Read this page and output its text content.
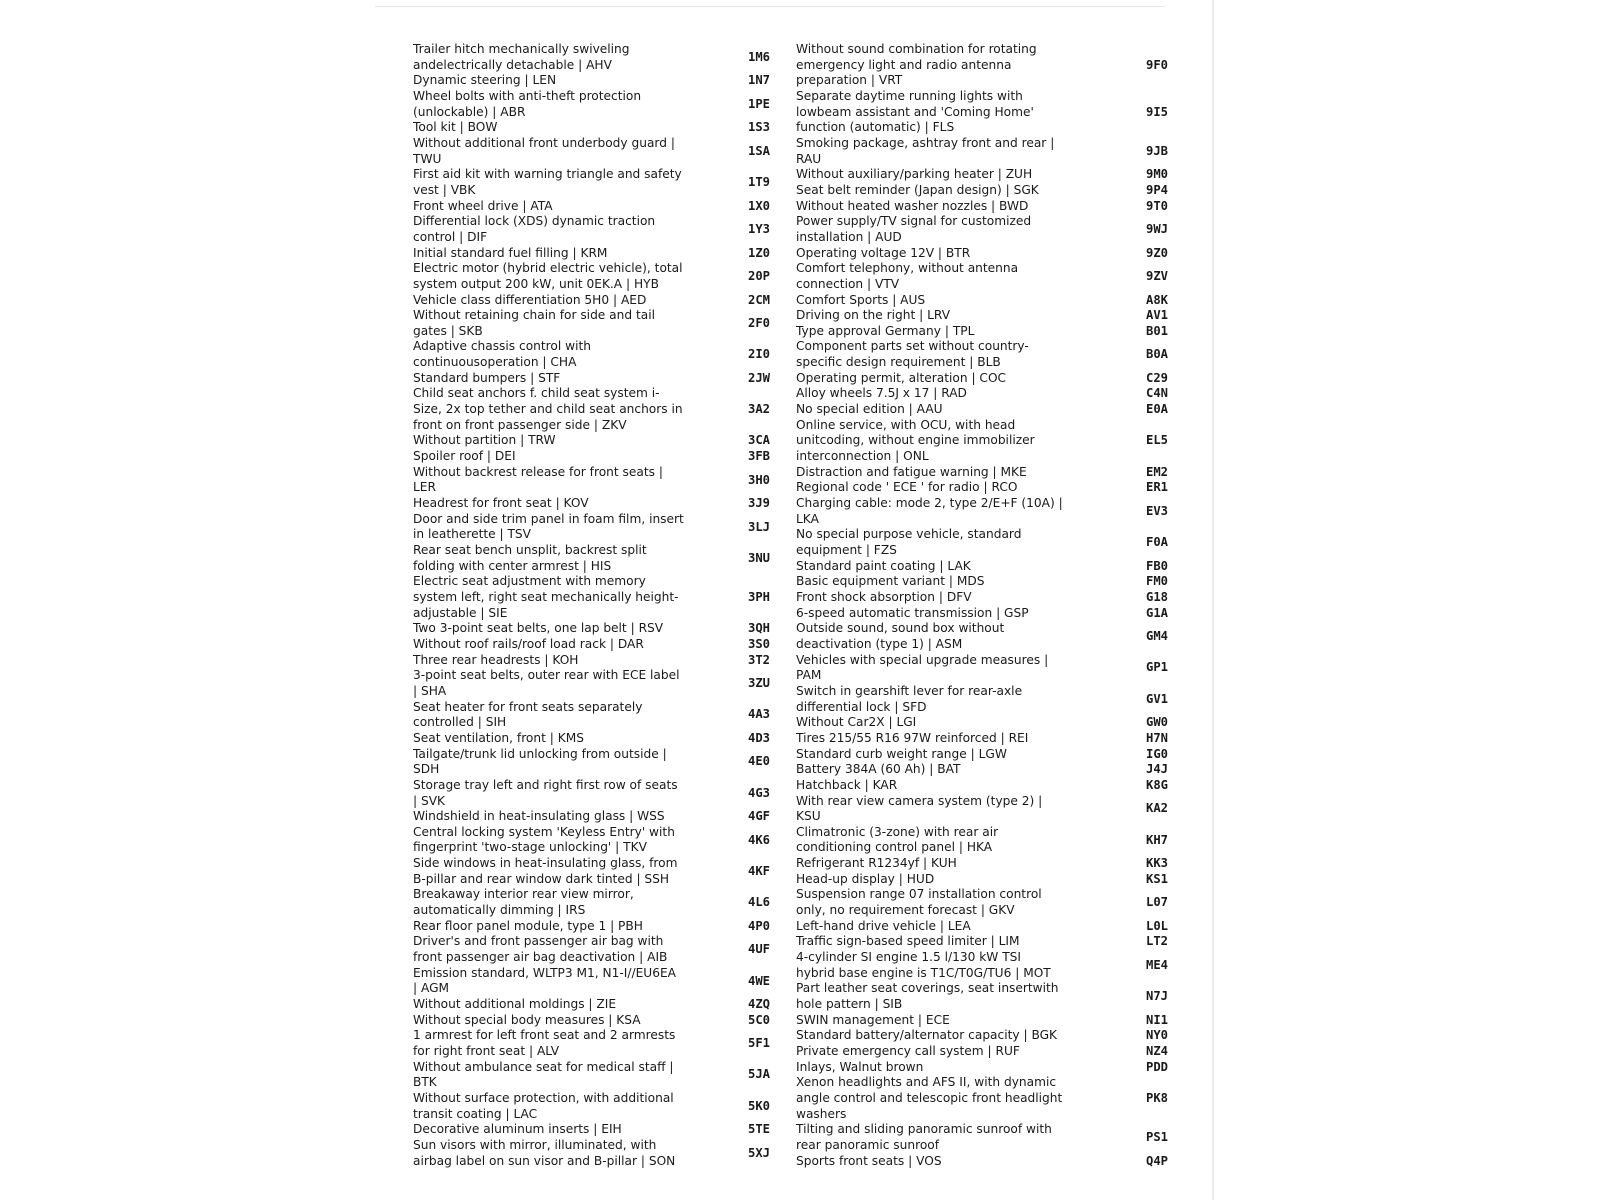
Trailer hitch mechanically swiveling
andelectrically detachable | AHV
1M6
Dynamic steering | LEN	1N7
Wheel bolts with anti-theft protection
(unlockable) | ABR
1PE
Tool kit | BOW	1S3
Without additional front underbody guard |
TWU
1SA
First aid kit with warning triangle and safety
vest | VBK
1T9
Front wheel drive | ATA	1X0
Differential lock (XDS) dynamic traction
control | DIF
1Y3
Initial standard fuel filling | KRM	1Z0
Electric motor (hybrid electric vehicle), total
system output 200 kW, unit 0EK.A | HYB
20P
Vehicle class differentiation 5H0 | AED	2CM
Without retaining chain for side and tail
gates | SKB
2F0
Adaptive chassis control with
continuousoperation | CHA
2I0
Standard bumpers | STF	2JW
Child seat anchors f. child seat system i-
Size, 2x top tether and child seat anchors in
front on front passenger side | ZKV
3A2
Without partition | TRW	3CA
Spoiler roof | DEI	3FB
Without backrest release for front seats |
LER
3H0
Headrest for front seat | KOV	3J9
Door and side trim panel in foam film, insert
in leatherette | TSV
3LJ
Rear seat bench unsplit, backrest split
folding with center armrest | HIS
3NU
Electric seat adjustment with memory
system left, right seat mechanically height-
adjustable | SIE
3PH
Two 3-point seat belts, one lap belt | RSV	3QH
Without roof rails/roof load rack | DAR	3S0
Three rear headrests | KOH	3T2
3-point seat belts, outer rear with ECE label
| SHA
3ZU
Seat heater for front seats separately
controlled | SIH
4A3
Seat ventilation, front | KMS	4D3
Tailgate/trunk lid unlocking from outside |
SDH
4E0
Storage tray left and right first row of seats
| SVK
4G3
Windshield in heat-insulating glass | WSS	4GF
Central locking system 'Keyless Entry' with
fingerprint 'two-stage unlocking' | TKV
4K6
Side windows in heat-insulating glass, from
B-pillar and rear window dark tinted | SSH
4KF
Breakaway interior rear view mirror,
automatically dimming | IRS
4L6
Rear floor panel module, type 1 | PBH	4P0
Driver's and front passenger air bag with
front passenger air bag deactivation | AIB
4UF
Emission standard, WLTP3 M1, N1-I//EU6EA
| AGM
4WE
Without additional moldings | ZIE	4ZQ
Without special body measures | KSA	5C0
1 armrest for left front seat and 2 armrests
for right front seat | ALV
5F1
Without ambulance seat for medical staff |
BTK
5JA
Without surface protection, with additional
transit coating | LAC
5K0
Decorative aluminum inserts | EIH	5TE
Sun visors with mirror, illuminated, with
airbag label on sun visor and B-pillar | SON
5XJ
Without sound combination for rotating
emergency light and radio antenna
preparation | VRT
9F0
Separate daytime running lights with
lowbeam assistant and 'Coming Home'
function (automatic) | FLS
9I5
Smoking package, ashtray front and rear |
RAU
9JB
Without auxiliary/parking heater | ZUH	9M0
Seat belt reminder (Japan design) | SGK	9P4
Without heated washer nozzles | BWD	9T0
Power supply/TV signal for customized
installation | AUD
9WJ
Operating voltage 12V | BTR	9Z0
Comfort telephony, without antenna
connection | VTV
9ZV
Comfort Sports | AUS	A8K
Driving on the right | LRV	AV1
Type approval Germany | TPL	B01
Component parts set without country-
specific design requirement | BLB
B0A
Operating permit, alteration | COC	C29
Alloy wheels 7.5J x 17 | RAD	C4N
No special edition | AAU	E0A
Online service, with OCU, with head
unitcoding, without engine immobilizer
interconnection | ONL
EL5
Distraction and fatigue warning | MKE	EM2
Regional code ' ECE ' for radio | RCO	ER1
Charging cable: mode 2, type 2/E+F (10A) |
LKA
EV3
No special purpose vehicle, standard
equipment | FZS
F0A
Standard paint coating | LAK	FB0
Basic equipment variant | MDS	FM0
Front shock absorption | DFV	G18
6-speed automatic transmission | GSP	G1A
Outside sound, sound box without
deactivation (type 1) | ASM
GM4
Vehicles with special upgrade measures |
PAM
GP1
Switch in gearshift lever for rear-axle
differential lock | SFD
GV1
Without Car2X | LGI	GW0
Tires 215/55 R16 97W reinforced | REI	H7N
Standard curb weight range | LGW	IG0
Battery 384A (60 Ah) | BAT	J4J
Hatchback | KAR	K8G
With rear view camera system (type 2) |
KSU
KA2
Climatronic (3-zone) with rear air
conditioning control panel | HKA
KH7
Refrigerant R1234yf | KUH	KK3
Head-up display | HUD	KS1
Suspension range 07 installation control
only, no requirement forecast | GKV
L07
Left-hand drive vehicle | LEA	L0L
Traffic sign-based speed limiter | LIM	LT2
4-cylinder SI engine 1.5 l/130 kW TSI
hybrid base engine is T1C/T0G/TU6 | MOT
ME4
Part leather seat coverings, seat insertwith
hole pattern | SIB
N7J
SWIN management | ECE	NI1
Standard battery/alternator capacity | BGK	NY0
Private emergency call system | RUF	NZ4
Inlays, Walnut brown	PDD
Xenon headlights and AFS II, with dynamic
angle control and telescopic front headlight
washers
PK8
Tilting and sliding panoramic sunroof with
rear panoramic sunroof
PS1
Sports front seats | VOS	Q4P
